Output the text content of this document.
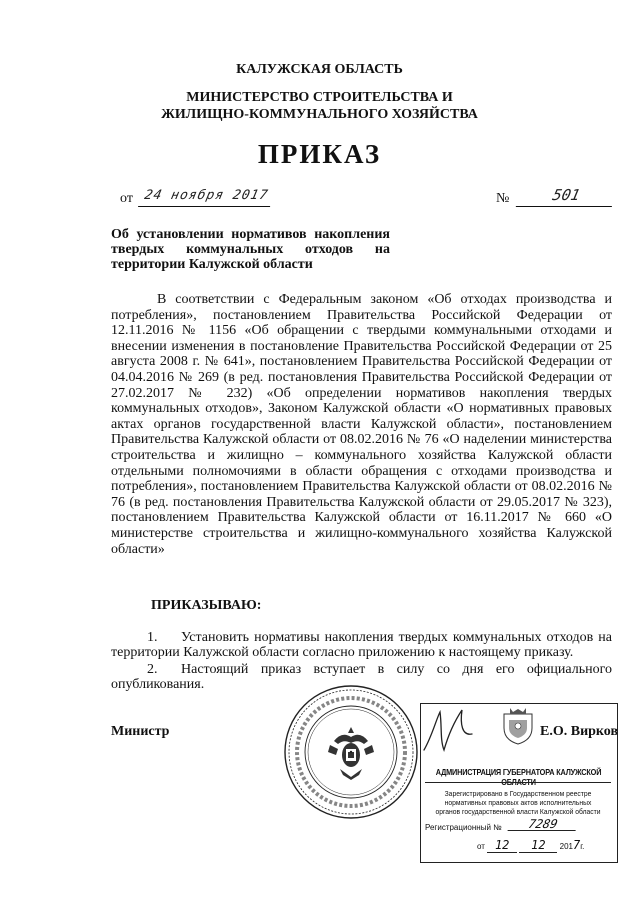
КАЛУЖСКАЯ ОБЛАСТЬ
МИНИСТЕРСТВО СТРОИТЕЛЬСТВА И
ЖИЛИЩНО-КОММУНАЛЬНОГО ХОЗЯЙСТВА
ПРИКАЗ
от 24 ноября 2017	№	501
Об установлении нормативов накопления твердых коммунальных отходов на территории Калужской области
В соответствии с Федеральным законом «Об отходах производства и потребления», постановлением Правительства Российской Федерации от 12.11.2016 № 1156 «Об обращении с твердыми коммунальными отходами и внесении изменения в постановление Правительства Российской Федерации от 25 августа 2008 г. № 641», постановлением Правительства Российской Федерации от 04.04.2016 № 269 (в ред. постановления Правительства Российской Федерации от 27.02.2017 № 232) «Об определении нормативов накопления твердых коммунальных отходов», Законом Калужской области «О нормативных правовых актах органов государственной власти Калужской области», постановлением Правительства Калужской области от 08.02.2016 № 76 «О наделении министерства строительства и жилищно – коммунального хозяйства Калужской области отдельными полномочиями в области обращения с отходами производства и потребления», постановлением Правительства Калужской области от 08.02.2016 № 76 (в ред. постановления Правительства Калужской области от 29.05.2017 № 323), постановлением Правительства Калужской области от 16.11.2017 № 660 «О министерстве строительства и жилищно-коммунального хозяйства Калужской области»
ПРИКАЗЫВАЮ:
1. Установить нормативы накопления твердых коммунальных отходов на территории Калужской области согласно приложению к настоящему приказу.
2. Настоящий приказ вступает в силу со дня его официального опубликования.
Министр	Е.О. Вирков
АДМИНИСТРАЦИЯ ГУБЕРНАТОРА КАЛУЖСКОЙ ОБЛАСТИ
Зарегистрировано в Государственном реестре нормативных правовых актов исполнительных органов государственной власти Калужской области
Регистрационный №	7289
от 12 12 2017г.
